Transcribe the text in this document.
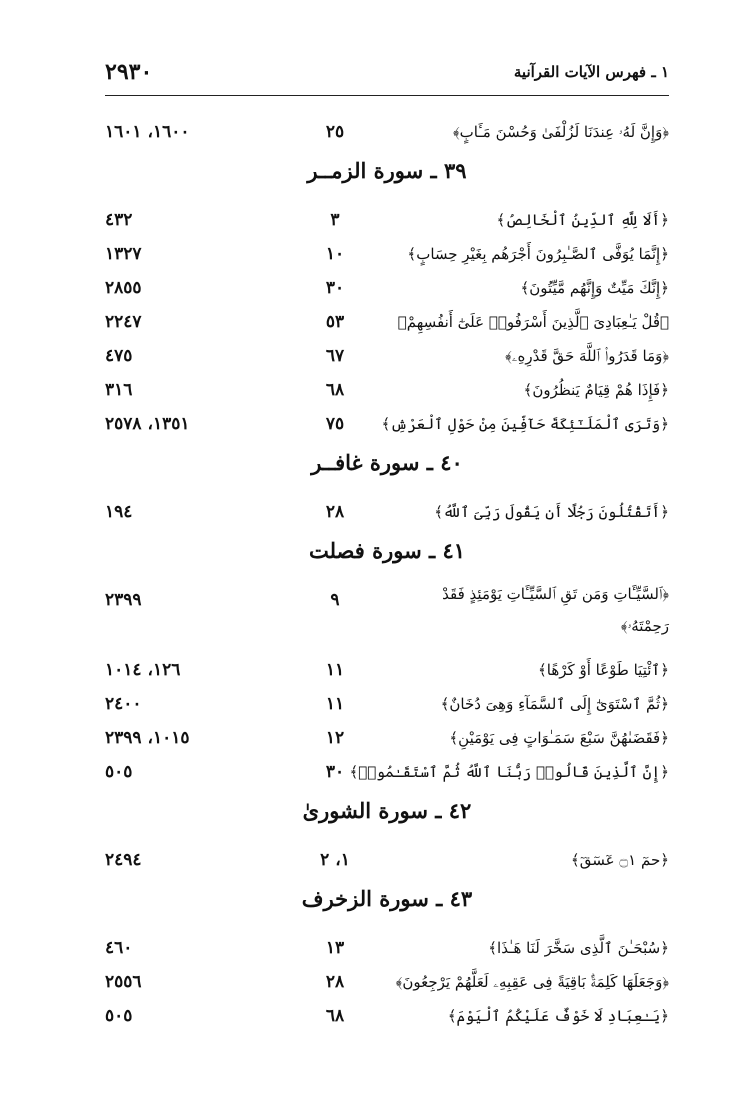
٢٩٣٠	١ ـ فهرس الآيات القرآنية
﴿وَإِنَّ لَهُۥ عِندَنَا لَزُلْفَىٰ وَحُسْنَ مَـَٔابٍ﴾
٢٥
١٦٠٠، ١٦٠١
٣٩ ـ سورة الزمــر
﴿أَلَا لِلَّهِ ٱلدِّينُ ٱلْخَالِصُ﴾
٣
٤٣٢
﴿إِنَّمَا يُوَفَّى ٱلصَّـٰبِرُونَ أَجْرَهُم بِغَيْرِ حِسَابٍ﴾
١٠
١٣٢٧
﴿إِنَّكَ مَيِّتٌ وَإِنَّهُم مَّيِّتُونَ﴾
٣٠
٢٨٥٥
﴿قُلْ يَـٰعِبَادِىَ ٱلَّذِينَ أَسْرَفُوا۟ عَلَىٰٓ أَنفُسِهِمْ﴾
٥٣
٢٢٤٧
﴿وَمَا قَدَرُوا۟ ٱللَّهَ حَقَّ قَدْرِهِۦ﴾
٦٧
٤٧٥
﴿فَإِذَا هُمْ قِيَامٌ يَنظُرُونَ﴾
٦٨
٣١٦
﴿وَتَرَى ٱلْمَلَـٰٓئِكَةَ حَآفِّينَ مِنْ حَوْلِ ٱلْعَرْشِ﴾
٧٥
١٣٥١، ٢٥٧٨
٤٠ ـ سورة غافــر
﴿أَتَقْتُلُونَ رَجُلًا أَن يَقُولَ رَبِّىَ ٱللَّهُ﴾
٢٨
١٩٤
٤١ ـ سورة فصلت
﴿ٱلسَّيِّـَٔاتِ وَمَن تَقِ ٱلسَّيِّـَٔاتِ يَوْمَئِذٍ فَقَدْ رَحِمْتَهُۥ﴾
٩
٢٣٩٩
﴿ٱئْتِيَا طَوْعًا أَوْ كَرْهًا﴾
١١
١٢٦، ١٠١٤
﴿ثُمَّ ٱسْتَوَىٰٓ إِلَى ٱلسَّمَآءِ وَهِىَ دُخَانٌ﴾
١١
٢٤٠٠
﴿فَقَضَىٰهُنَّ سَبْعَ سَمَـٰوَاتٍ فِى يَوْمَيْنِ﴾
١٢
١٠١٥، ٢٣٩٩
﴿إِنَّ ٱلَّذِينَ قَالُوا۟ رَبُّنَا ٱللَّهُ ثُمَّ ٱسْتَقَـٰمُوا۟﴾
٣٠
٥٠٥
٤٢ ـ سورة الشورىٰ
﴿حمٓ ۝١ عٓسٓقٓ﴾
١، ٢
٢٤٩٤
٤٣ ـ سورة الزخرف
﴿سُبْحَـٰنَ ٱلَّذِى سَخَّرَ لَنَا هَـٰذَا﴾
١٣
٤٦٠
﴿وَجَعَلَهَا كَلِمَةًۢ بَاقِيَةً فِى عَقِبِهِۦ لَعَلَّهُمْ يَرْجِعُونَ﴾
٢٨
٢٥٥٦
﴿يَـٰعِبَادِ لَا خَوْفٌ عَلَيْكُمُ ٱلْيَوْمَ﴾
٦٨
٥٠٥
